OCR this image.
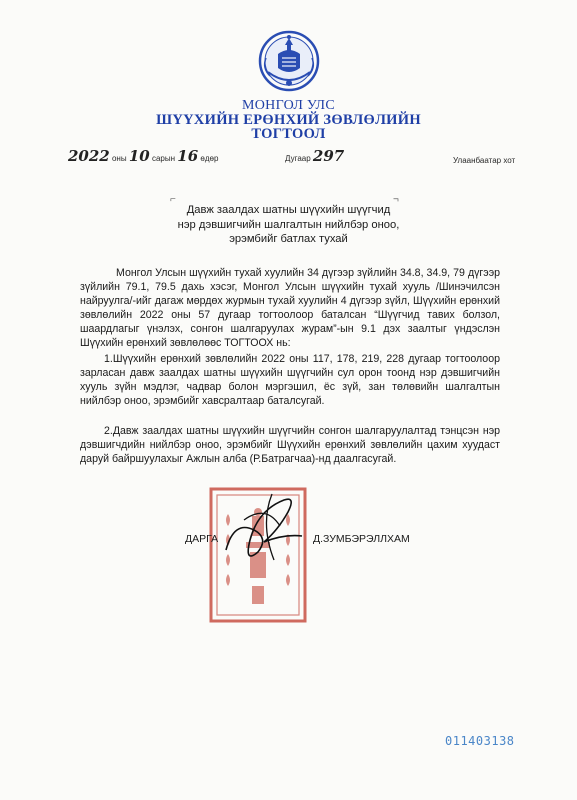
МОНГОЛ УЛС
ШҮҮХИЙН ЕРӨНХИЙ ЗӨВЛӨЛИЙН
ТОГТООЛ
2022 оны 10 сарын 16 өдөр	Дугаар 297	Улаанбаатар хот
⌐	¬
Давж заалдах шатны шүүхийн шүүгчид
нэр дэвшигчийн шалгалтын нийлбэр оноо,
эрэмбийг батлах тухай
Монгол Улсын шүүхийн тухай хуулийн 34 дүгээр зүйлийн 34.8, 34.9, 79 дүгээр зүйлийн 79.1, 79.5 дахь хэсэг, Монгол Улсын шүүхийн тухай хууль /Шинэчилсэн найруулга/-ийг дагаж мөрдөх журмын тухай хуулийн 4 дүгээр зүйл, Шүүхийн ерөнхий зөвлөлийн 2022 оны 57 дугаар тогтоолоор баталсан “Шүүгчид тавих болзол, шаардлагыг үнэлэх, сонгон шалгаруулах журам”-ын 9.1 дэх заалтыг үндэслэн Шүүхийн ерөнхий зөвлөлөөс ТОГТООХ нь:
1.Шүүхийн ерөнхий зөвлөлийн 2022 оны 117, 178, 219, 228 дугаар тогтоолоор зарласан давж заалдах шатны шүүхийн шүүгчийн сул орон тоонд нэр дэвшигчийн хууль зүйн мэдлэг, чадвар болон мэргэшил, ёс зүй, зан төлөвийн шалгалтын нийлбэр оноо, эрэмбийг хавсралтаар баталсугай.
2.Давж заалдах шатны шүүхийн шүүгчийн сонгон шалгаруулалтад тэнцсэн нэр дэвшигчдийн нийлбэр оноо, эрэмбийг Шүүхийн ерөнхий зөвлөлийн цахим хуудаст даруй байршуулахыг Ажлын алба (Р.Батрагчаа)-нд даалгасугай.
ДАРГА	Д.ЗУМБЭРЭЛЛХАМ
011403138
